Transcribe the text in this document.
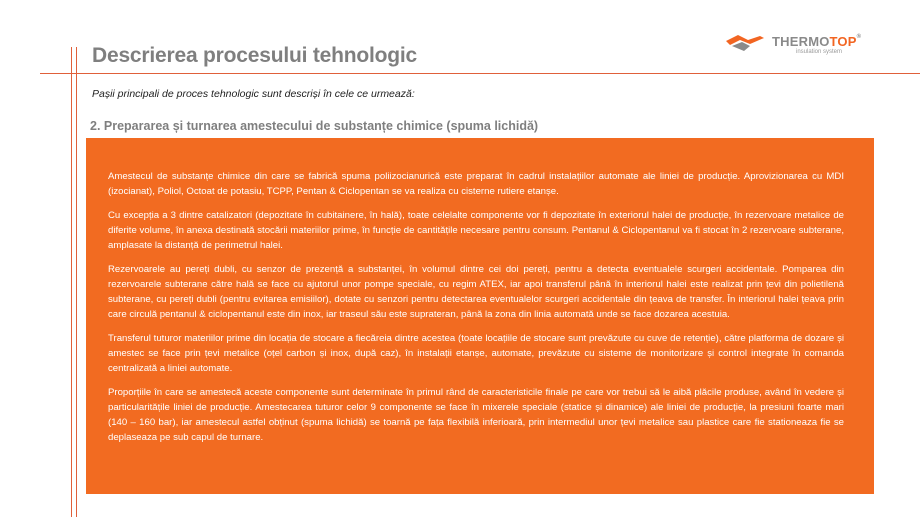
Descrierea procesului tehnologic
THERMOTOP®
insulation system
Pașii principali de proces tehnologic sunt descriși în cele ce urmează:
2. Prepararea și turnarea amestecului de substanțe chimice (spuma lichidă)

Amestecul de substanțe chimice din care se fabrică spuma poliizocianurică este preparat în cadrul instalațiilor automate ale liniei de producție. Aprovizionarea cu MDI (izocianat), Poliol, Octoat de potasiu, TCPP, Pentan & Ciclopentan se va realiza cu cisterne rutiere etanșe.

Cu excepția a 3 dintre catalizatori (depozitate în cubitainere, în hală), toate celelalte componente vor fi depozitate în exteriorul halei de producție, în rezervoare metalice de diferite volume, în anexa destinată stocării materiilor prime, în funcție de cantitățile necesare pentru consum. Pentanul & Ciclopentanul va fi stocat în 2 rezervoare subterane, amplasate la distanță de perimetrul halei.

Rezervoarele au pereți dubli, cu senzor de prezență a substanței, în volumul dintre cei doi pereți, pentru a detecta eventualele scurgeri accidentale. Pomparea din rezervoarele subterane către hală se face cu ajutorul unor pompe speciale, cu regim ATEX, iar apoi transferul până în interiorul halei este realizat prin țevi din polietilenă subterane, cu pereți dubli (pentru evitarea emisiilor), dotate cu senzori pentru detectarea eventualelor scurgeri accidentale din țeava de transfer. În interiorul halei țeava prin care circulă pentanul & ciclopentanul este din inox, iar traseul său este suprateran, până la zona din linia automată unde se face dozarea acestuia.

Transferul tuturor materiilor prime din locația de stocare a fiecăreia dintre acestea (toate locațiile de stocare sunt prevăzute cu cuve de retenție), către platforma de dozare și amestec se face prin țevi metalice (oțel carbon și inox, după caz), în instalații etanșe, automate, prevăzute cu sisteme de monitorizare și control integrate în comanda centralizată a liniei automate.

Proporțiile în care se amestecă aceste componente sunt determinate în primul rând de caracteristicile finale pe care vor trebui să le aibă plăcile produse, având în vedere și particularitățile liniei de producție. Amestecarea tuturor celor 9 componente se face în mixerele speciale (statice și dinamice) ale liniei de producție, la presiuni foarte mari (140 – 160 bar), iar amestecul astfel obținut (spuma lichidă) se toarnă pe fața flexibilă inferioară, prin intermediul unor țevi metalice sau plastice care fie stationeaza fie se deplaseaza pe sub capul de turnare.
